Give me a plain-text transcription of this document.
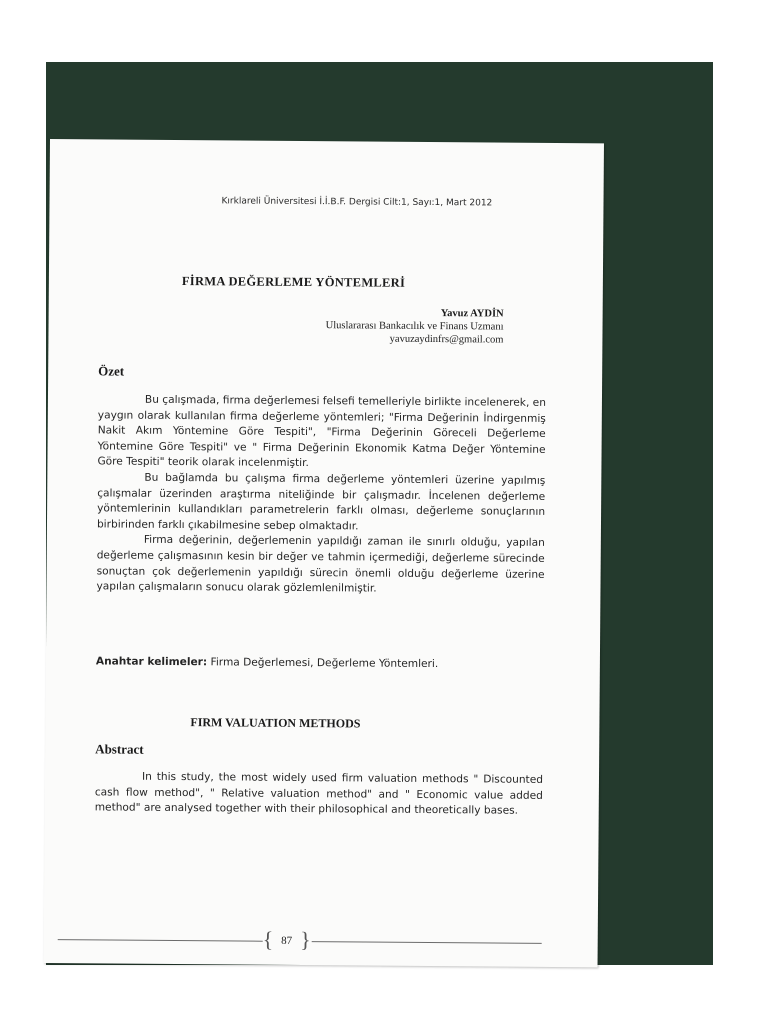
Kırklareli Üniversitesi İ.İ.B.F. Dergisi Cilt:1, Sayı:1, Mart 2012
FİRMA DEĞERLEME YÖNTEMLERİ
Yavuz AYDİN
Uluslararası Bankacılık ve Finans Uzmanı
yavuzaydinfrs@gmail.com
Özet

Bu çalışmada, firma değerlemesi felsefi temelleriyle birlikte incelenerek, en yaygın olarak kullanılan firma değerleme yöntemleri; "Firma Değerinin İndirgenmiş Nakit Akım Yöntemine Göre Tespiti", "Firma Değerinin Göreceli Değerleme Yöntemine Göre Tespiti" ve " Firma Değerinin Ekonomik Katma Değer Yöntemine Göre Tespiti" teorik olarak incelenmiştir.

Bu bağlamda bu çalışma firma değerleme yöntemleri üzerine yapılmış çalışmalar üzerinden araştırma niteliğinde bir çalışmadır. İncelenen değerleme yöntemlerinin kullandıkları parametrelerin farklı olması, değerleme sonuçlarının birbirinden farklı çıkabilmesine sebep olmaktadır.

Firma değerinin, değerlemenin yapıldığı zaman ile sınırlı olduğu, yapılan değerleme çalışmasının kesin bir değer ve tahmin içermediği, değerleme sürecinde sonuçtan çok değerlemenin yapıldığı sürecin önemli olduğu değerleme üzerine yapılan çalışmaların sonucu olarak gözlemlenilmiştir.

Anahtar kelimeler: Firma Değerlemesi, Değerleme Yöntemleri.
FIRM VALUATION METHODS
Abstract

In this study, the most widely used firm valuation methods " Discounted cash flow method", " Relative valuation method" and " Economic value added method" are analysed together with their philosophical and theoretically bases.

{ 87 }
